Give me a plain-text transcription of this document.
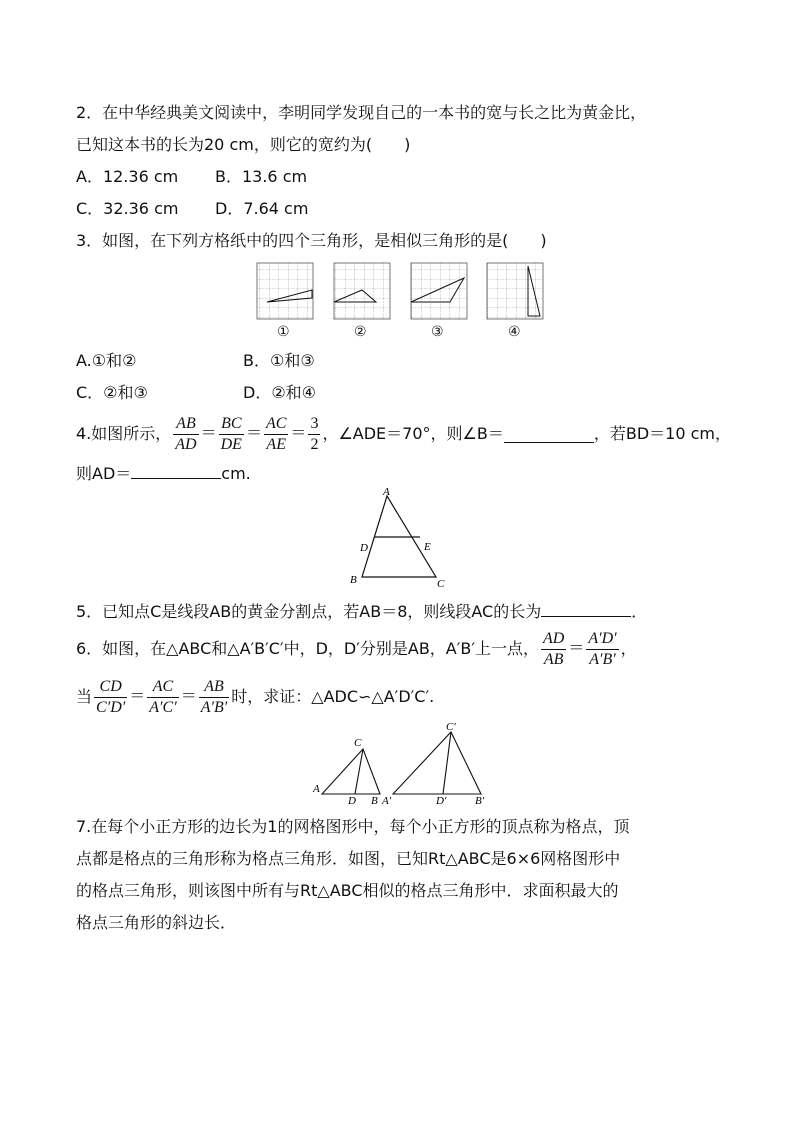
2．在中华经典美文阅读中，李明同学发现自己的一本书的宽与长之比为黄金比，
已知这本书的长为20 cm，则它的宽约为(　　)
A．12.36 cm B．13.6 cm
C．32.36 cm D．7.64 cm
3．如图，在下列方格纸中的四个三角形，是相似三角形的是(　　)
①	②	③	④
A.①和②	B．①和③
C．②和③	D．②和④
4.如图所示， $\frac{AB}{AD} = \frac{BC}{DE} = \frac{AC}{AE} = \frac{3}{2}$ ，∠ADE＝70°，则∠B＝	，若BD＝10 cm，
则AD＝	cm.
A
B	C
D	E
5．已知点C是线段AB的黄金分割点，若AB＝8，则线段AC的长为	．
6．如图，在△ABC和△A′B′C′中，D，D′分别是AB，A′B′上一点， $\frac{AD}{AB} = \frac{A'D'}{A'B'}$ ，
当 $\frac{CD}{C'D'} = \frac{AC}{A'C'} = \frac{AB}{A'B'}$ 时，求证：△ADC∽△A′D′C′.
A
C
D B A′
C′
D′	B′
7.在每个小正方形的边长为1的网格图形中，每个小正方形的顶点称为格点，顶
点都是格点的三角形称为格点三角形．如图，已知Rt△ABC是6×6网格图形中
的格点三角形，则该图中所有与Rt△ABC相似的格点三角形中．求面积最大的
格点三角形的斜边长．
